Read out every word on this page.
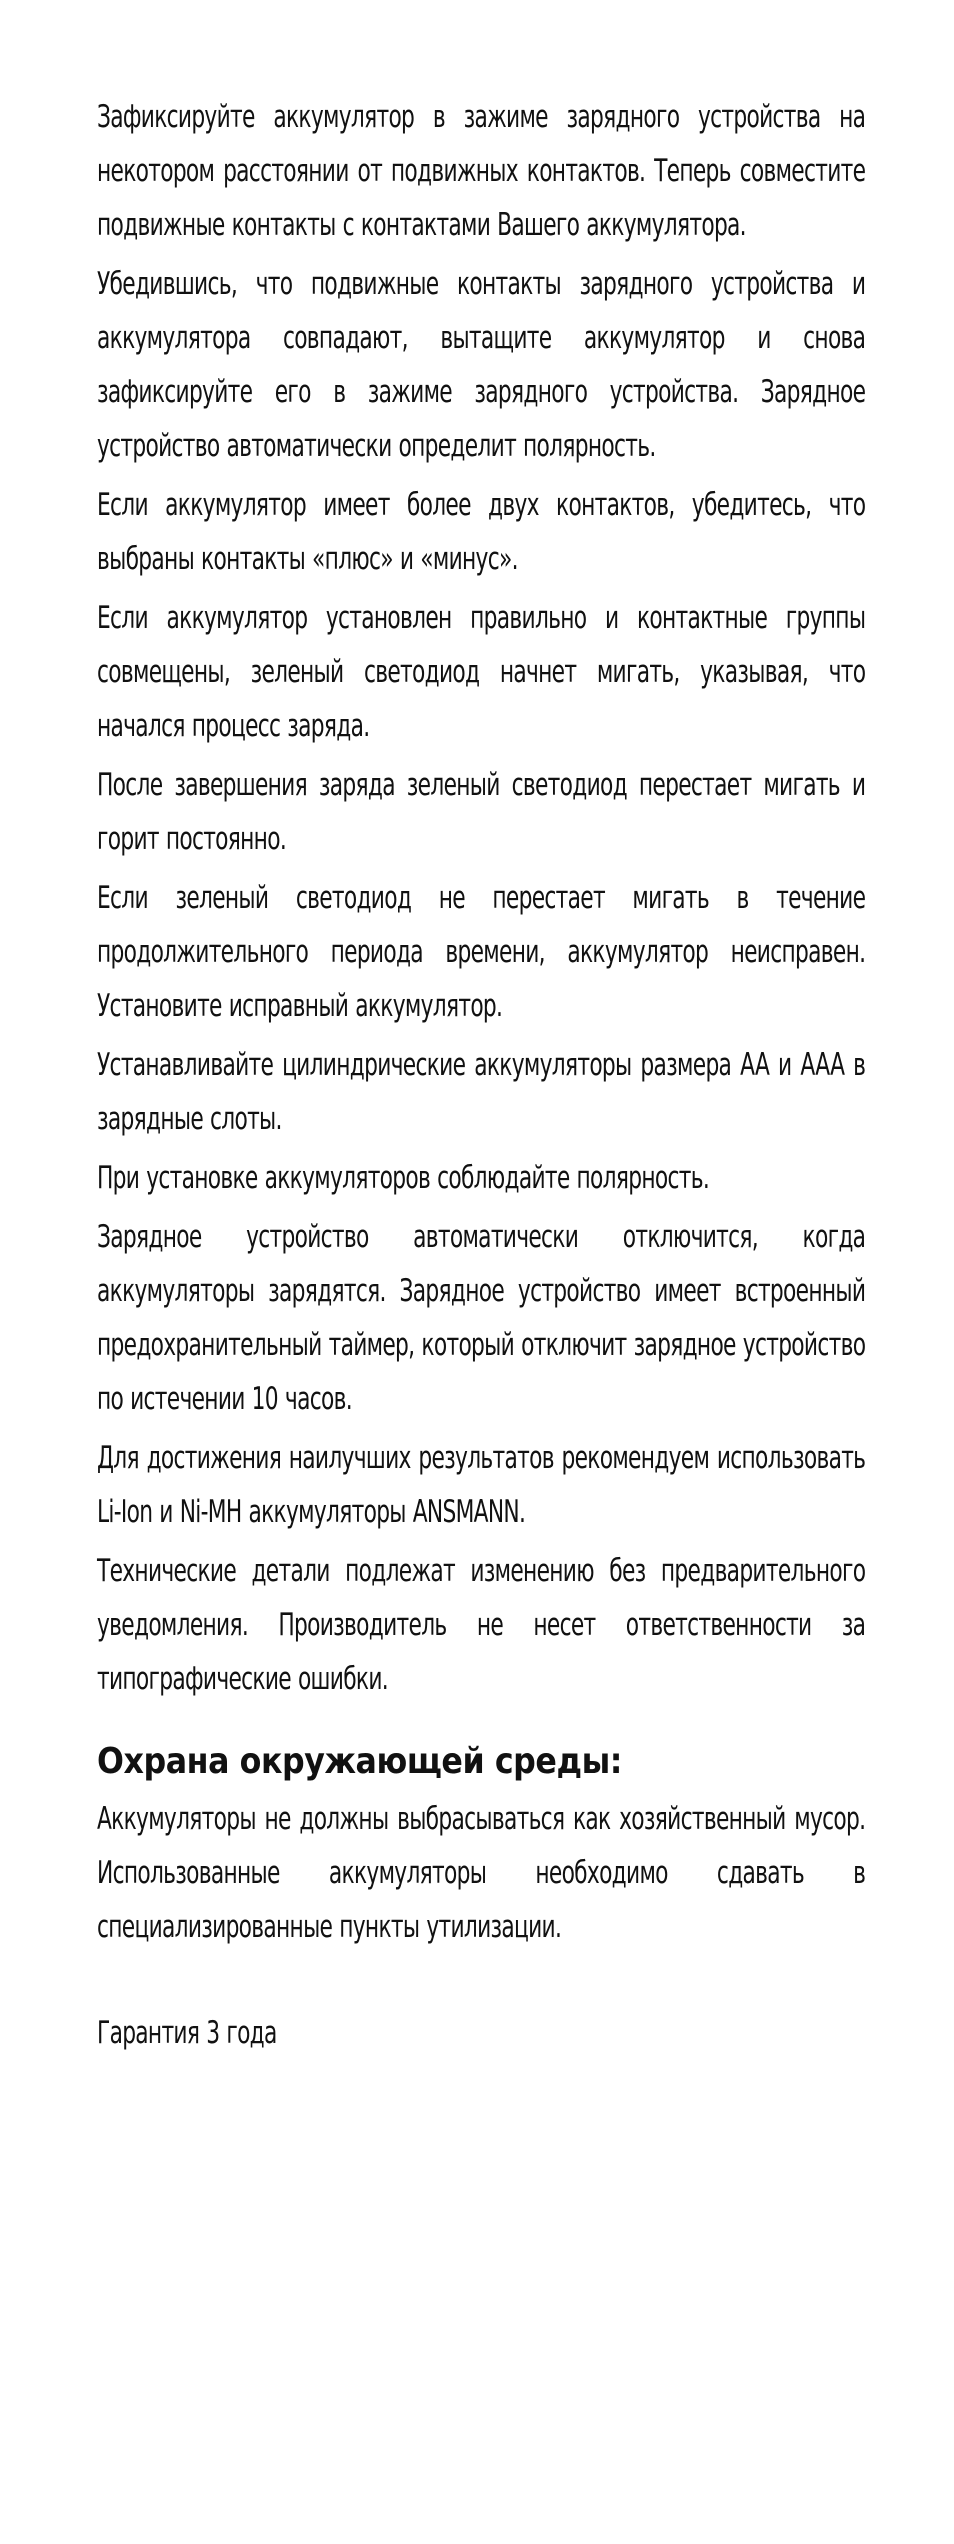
Зафиксируйте аккумулятор в зажиме зарядного устройства на некотором расстоянии от подвижных контактов. Теперь совместите подвижные контакты с контактами Вашего аккумулятора.

Убедившись, что подвижные контакты зарядного устройства и аккумулятора совпадают, вытащите аккумулятор и снова зафиксируйте его в зажиме зарядного устройства. Зарядное устройство автоматически определит полярность.

Если аккумулятор имеет более двух контактов, убедитесь, что выбраны контакты «плюс» и «минус».

Если аккумулятор установлен правильно и контактные группы совмещены, зеленый светодиод начнет мигать, указывая, что начался процесс заряда.

После завершения заряда зеленый светодиод перестает мигать и горит постоянно.

Если зеленый светодиод не перестает мигать в течение продолжительного периода времени, аккумулятор неисправен. Установите исправный аккумулятор.

Устанавливайте цилиндрические аккумуляторы размера AA и AAA в зарядные слоты.

При установке аккумуляторов соблюдайте полярность.

Зарядное устройство автоматически отключится, когда аккумуляторы зарядятся. Зарядное устройство имеет встроенный предохранительный таймер, который отключит зарядное устройство по истечении 10 часов.

Для достижения наилучших результатов рекомендуем использовать Li-Ion и Ni-MH аккумуляторы ANSMANN.

Технические детали подлежат изменению без предварительного уведомления. Производитель не несет ответственности за типографические ошибки.

Охрана окружающей среды:

Аккумуляторы не должны выбрасываться как хозяйственный мусор. Использованные аккумуляторы необходимо сдавать в специализированные пункты утилизации.

Гарантия 3 года
